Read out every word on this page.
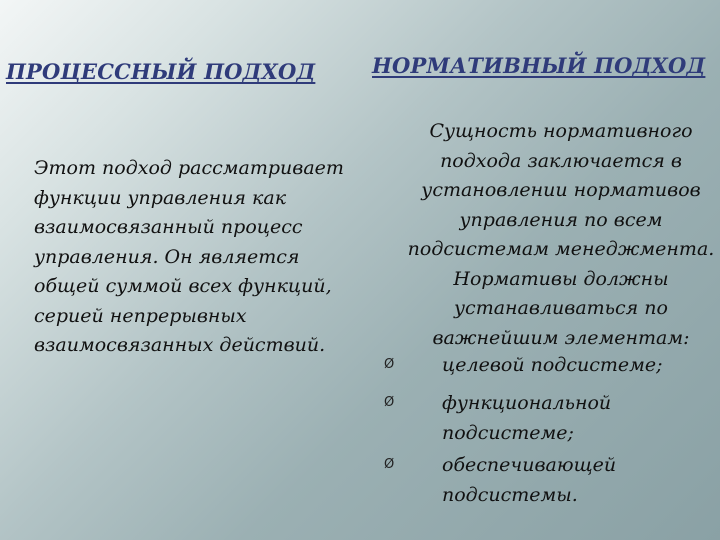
ПРОЦЕССНЫЙ ПОДХОД	НОРМАТИВНЫЙ ПОДХОД
Этот подход рассматривает
функции управления как
взаимосвязанный процесс
управления. Он является
общей суммой всех функций,
серией непрерывных
взаимосвязанных действий.
Сущность нормативного
подхода заключается в
установлении нормативов
управления по всем
подсистемам менеджмента.
Нормативы должны
устанавливаться по
важнейшим элементам:
Ø	целевой подсистеме;
Ø	функциональной
подсистеме;
Ø	обеспечивающей
подсистемы.
